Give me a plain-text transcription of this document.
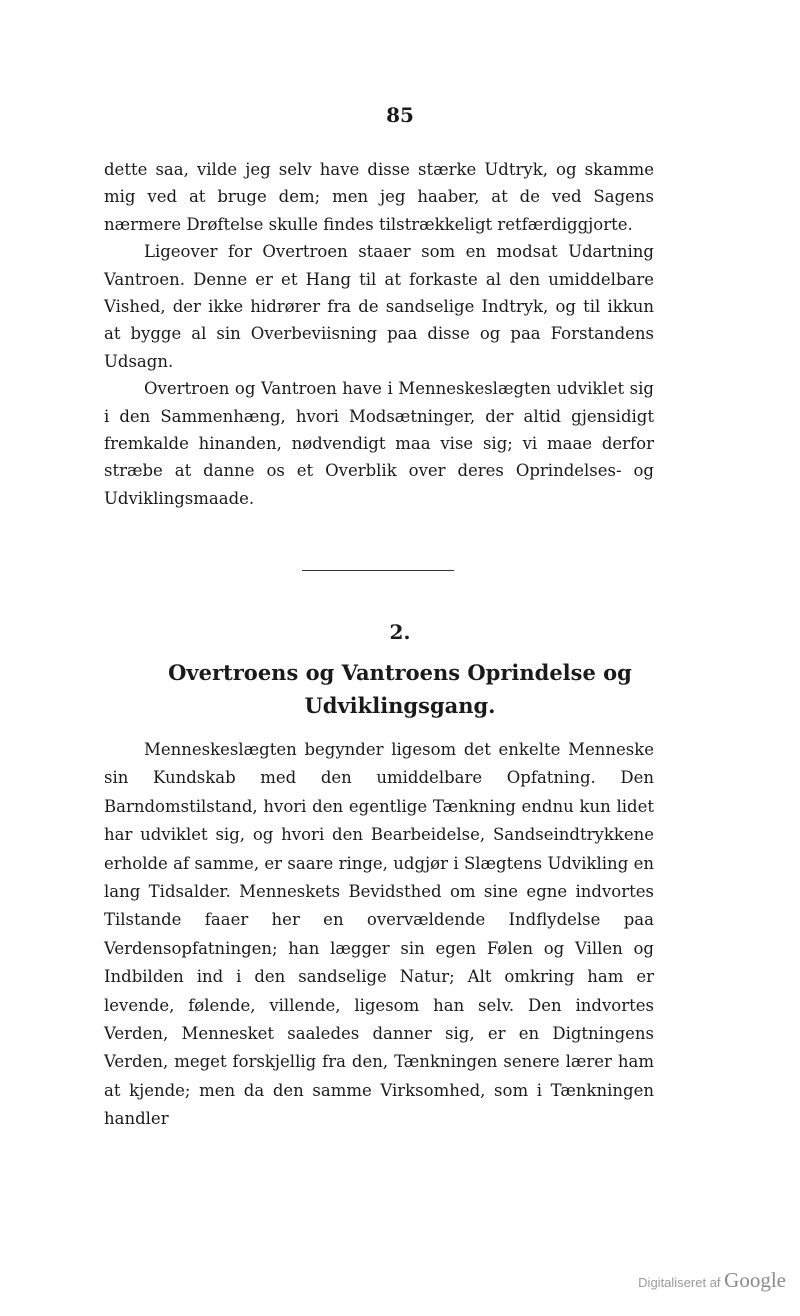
85

dette saa, vilde jeg selv have disse stærke Udtryk, og skamme mig ved at bruge dem; men jeg haaber, at de ved Sagens nærmere Drøftelse skulle findes tilstrækkeligt retfærdiggjorte.

Ligeover for Overtroen staaer som en modsat Udartning Vantroen. Denne er et Hang til at forkaste al den umiddelbare Vished, der ikke hidrører fra de sandselige Indtryk, og til ikkun at bygge al sin Overbeviisning paa disse og paa Forstandens Udsagn.

Overtroen og Vantroen have i Menneskeslægten udviklet sig i den Sammenhæng, hvori Modsætninger, der altid gjensidigt fremkalde hinanden, nødvendigt maa vise sig; vi maae derfor stræbe at danne os et Overblik over deres Oprindelses- og Udviklingsmaade.

2.
Overtroens og Vantroens Oprindelse og Udviklingsgang.

Menneskeslægten begynder ligesom det enkelte Menneske sin Kundskab med den umiddelbare Opfatning. Den Barndomstilstand, hvori den egentlige Tænkning endnu kun lidet har udviklet sig, og hvori den Bearbeidelse, Sandseindtrykkene erholde af samme, er saare ringe, udgjør i Slægtens Udvikling en lang Tidsalder. Menneskets Bevidsthed om sine egne indvortes Tilstande faaer her en overvældende Indflydelse paa Verdensopfatningen; han lægger sin egen Følen og Villen og Indbilden ind i den sandselige Natur; Alt omkring ham er levende, følende, villende, ligesom han selv. Den indvortes Verden, Mennesket saaledes danner sig, er en Digtningens Verden, meget forskjellig fra den, Tænkningen senere lærer ham at kjende; men da den samme Virksomhed, som i Tænkningen handler

Digitaliseret af Google
